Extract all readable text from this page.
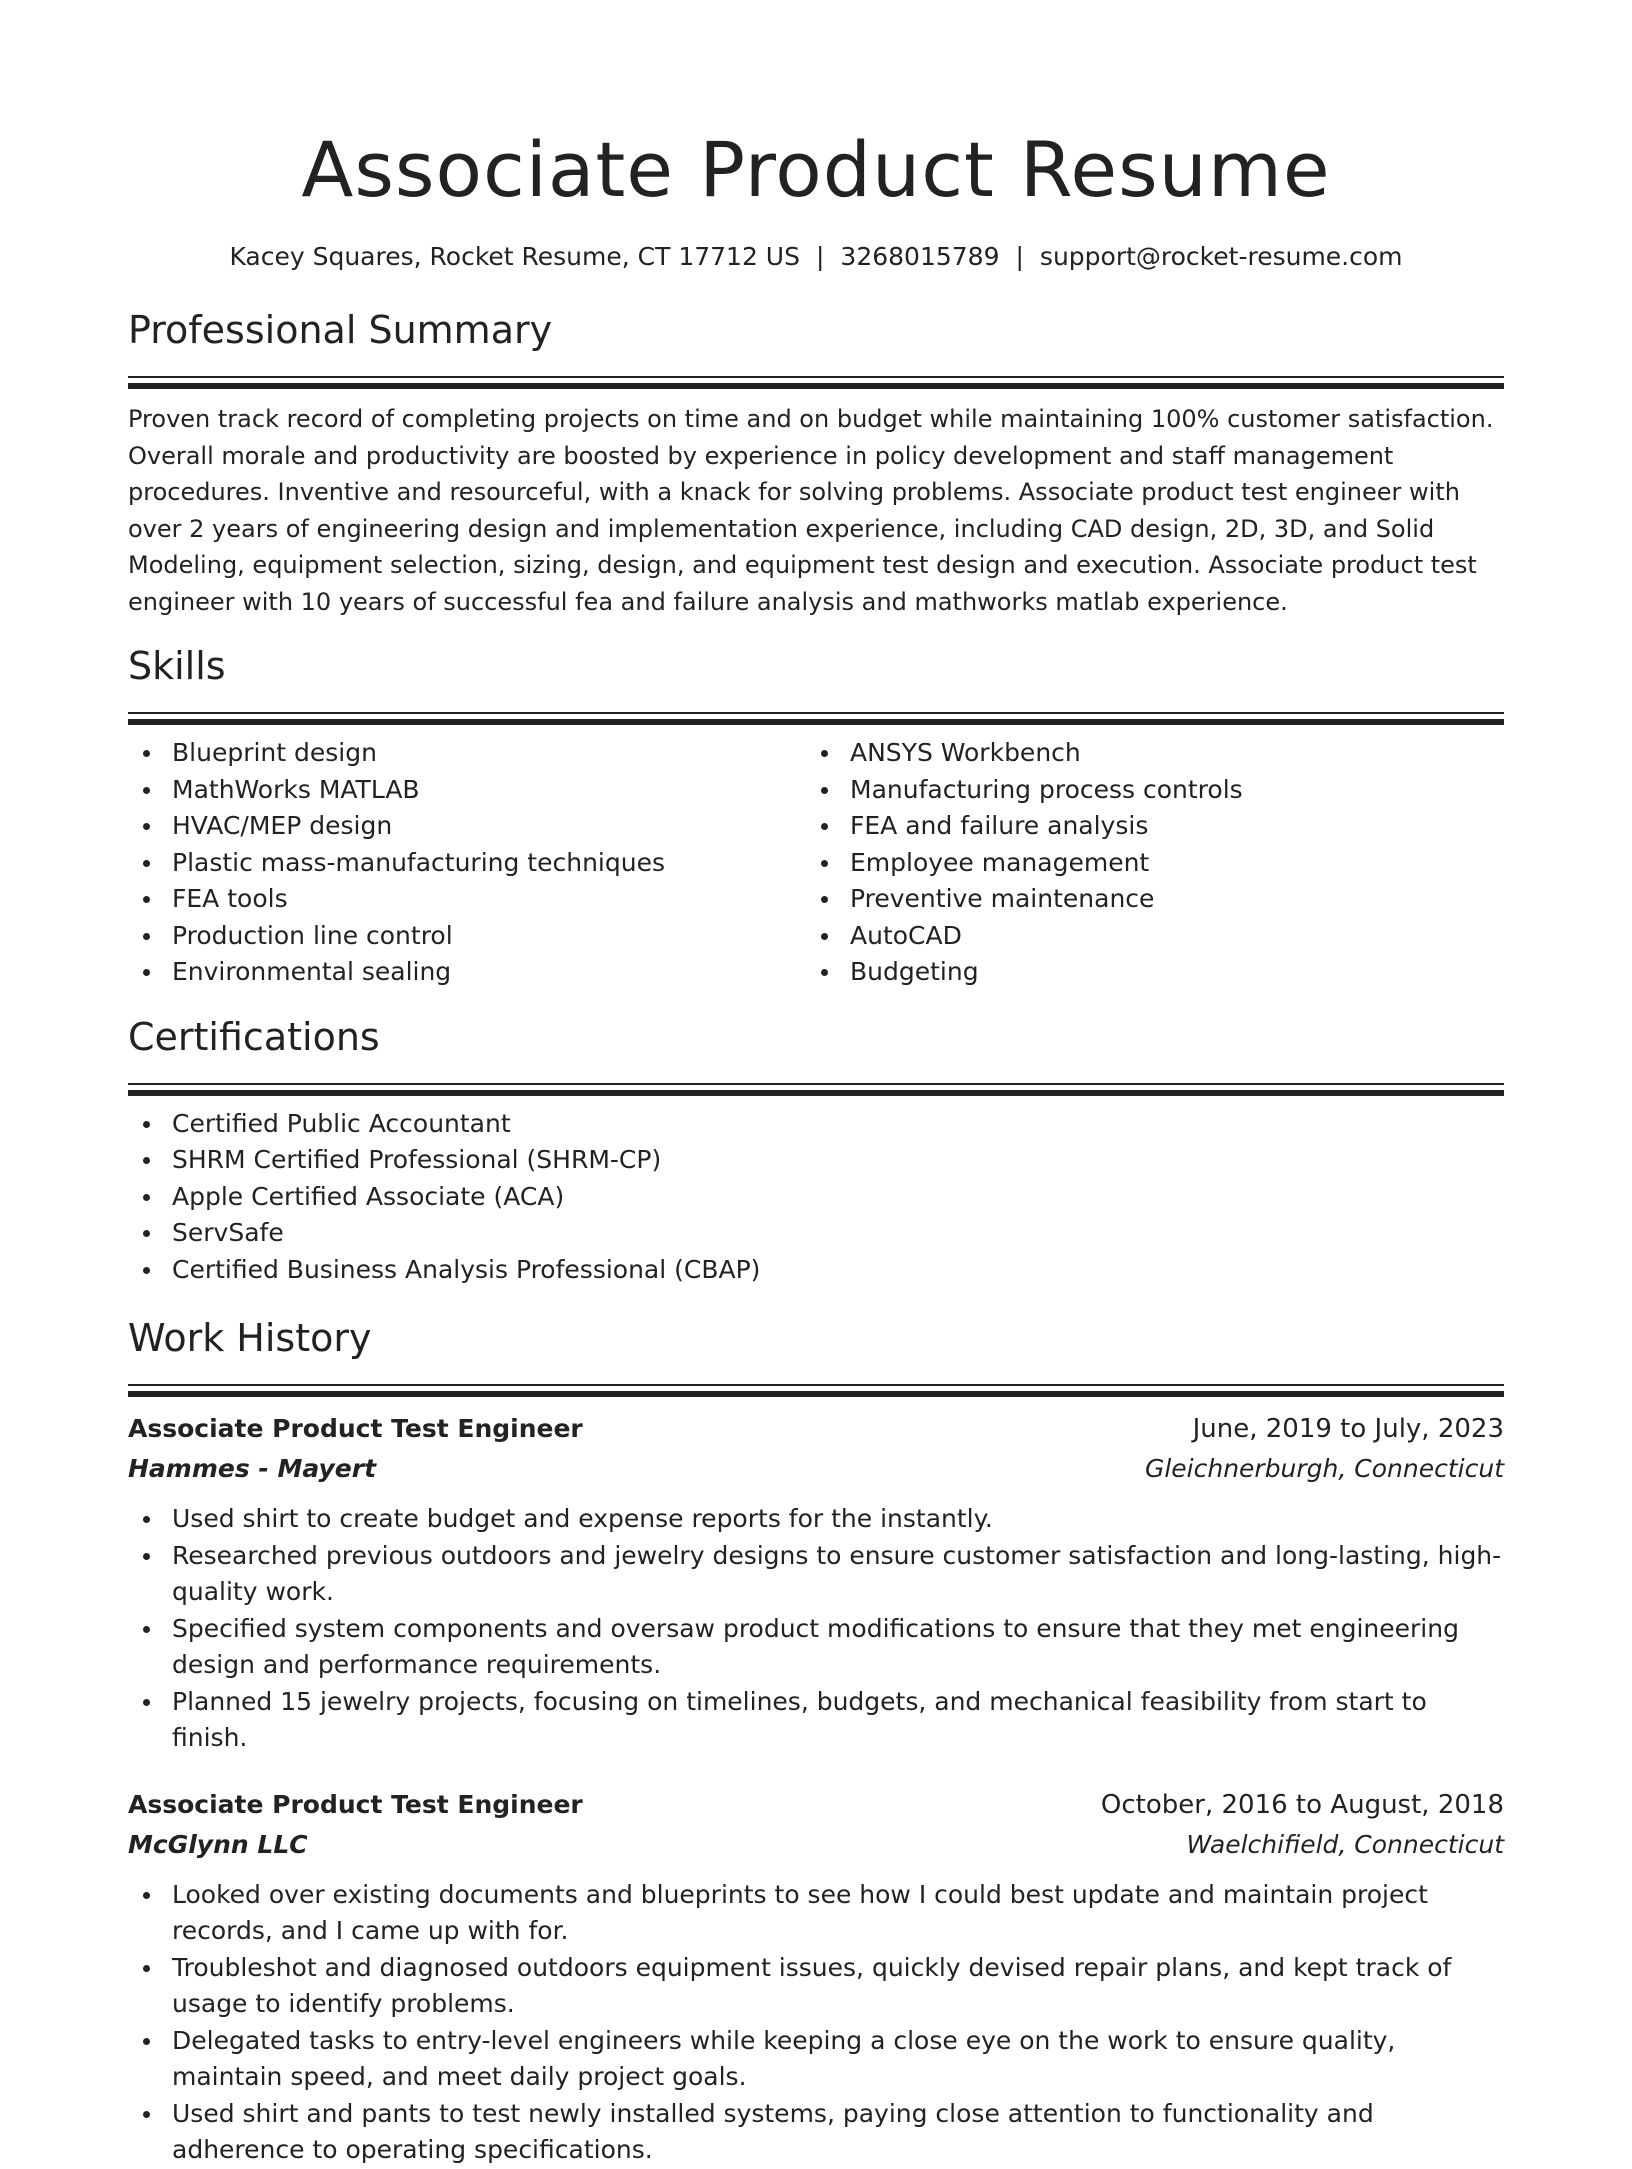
Associate Product Resume
Kacey Squares, Rocket Resume, CT 17712 US | 3268015789 | support@rocket-resume.com
Professional Summary

Proven track record of completing projects on time and on budget while maintaining 100% customer satisfaction. Overall morale and productivity are boosted by experience in policy development and staff management procedures. Inventive and resourceful, with a knack for solving problems. Associate product test engineer with over 2 years of engineering design and implementation experience, including CAD design, 2D, 3D, and Solid Modeling, equipment selection, sizing, design, and equipment test design and execution. Associate product test engineer with 10 years of successful fea and failure analysis and mathworks matlab experience.

Skills
Blueprint design
MathWorks MATLAB
HVAC/MEP design
Plastic mass-manufacturing techniques
FEA tools
Production line control
Environmental sealing
ANSYS Workbench
Manufacturing process controls
FEA and failure analysis
Employee management
Preventive maintenance
AutoCAD
Budgeting
Certifications
Certified Public Accountant
SHRM Certified Professional (SHRM-CP)
Apple Certified Associate (ACA)
ServSafe
Certified Business Analysis Professional (CBAP)
Work History
Associate Product Test Engineer	June, 2019 to July, 2023
Hammes - Mayert	Gleichnerburgh, Connecticut
Used shirt to create budget and expense reports for the instantly.
Researched previous outdoors and jewelry designs to ensure customer satisfaction and long-lasting, high-quality work.
Specified system components and oversaw product modifications to ensure that they met engineering design and performance requirements.
Planned 15 jewelry projects, focusing on timelines, budgets, and mechanical feasibility from start to finish.
Associate Product Test Engineer	October, 2016 to August, 2018
McGlynn LLC	Waelchifield, Connecticut
Looked over existing documents and blueprints to see how I could best update and maintain project records, and I came up with for.
Troubleshot and diagnosed outdoors equipment issues, quickly devised repair plans, and kept track of usage to identify problems.
Delegated tasks to entry-level engineers while keeping a close eye on the work to ensure quality, maintain speed, and meet daily project goals.
Used shirt and pants to test newly installed systems, paying close attention to functionality and adherence to operating specifications.
